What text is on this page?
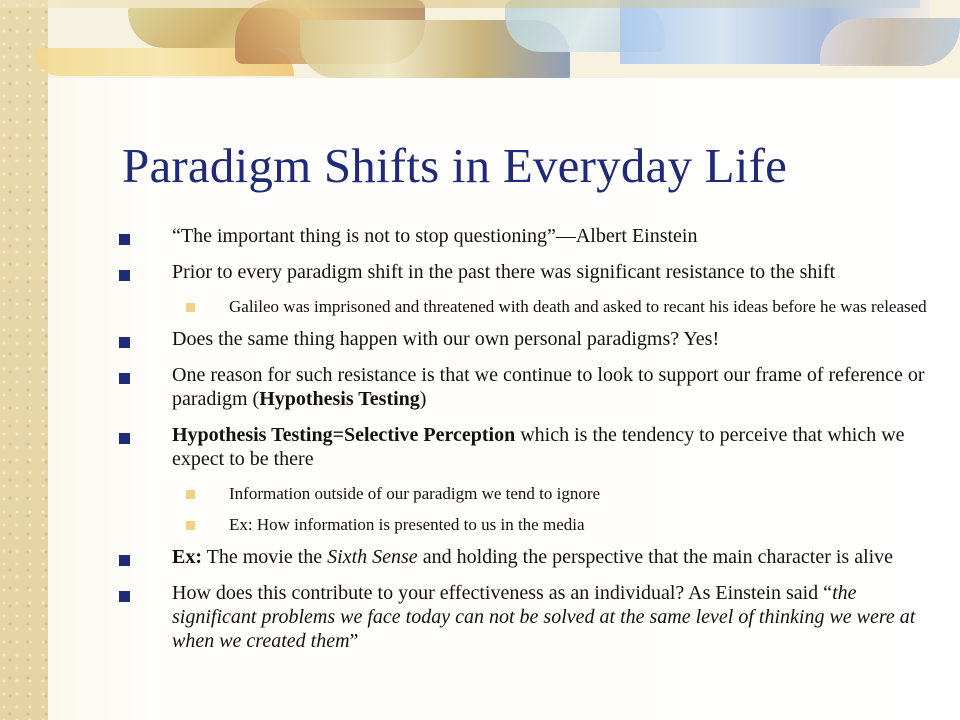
Paradigm Shifts in Everyday Life
“The important thing is not to stop questioning”—Albert Einstein
Prior to every paradigm shift in the past there was significant resistance to the shift
Galileo was imprisoned and threatened with death and asked to recant his ideas before he was released
Does the same thing happen with our own personal paradigms? Yes!
One reason for such resistance is that we continue to look to support our frame of reference or paradigm (Hypothesis Testing)
Hypothesis Testing=Selective Perception which is the tendency to perceive that which we expect to be there
Information outside of our paradigm we tend to ignore
Ex: How information is presented to us in the media
Ex: The movie the Sixth Sense and holding the perspective that the main character is alive
How does this contribute to your effectiveness as an individual? As Einstein said “the significant problems we face today can not be solved at the same level of thinking we were at when we created them”
